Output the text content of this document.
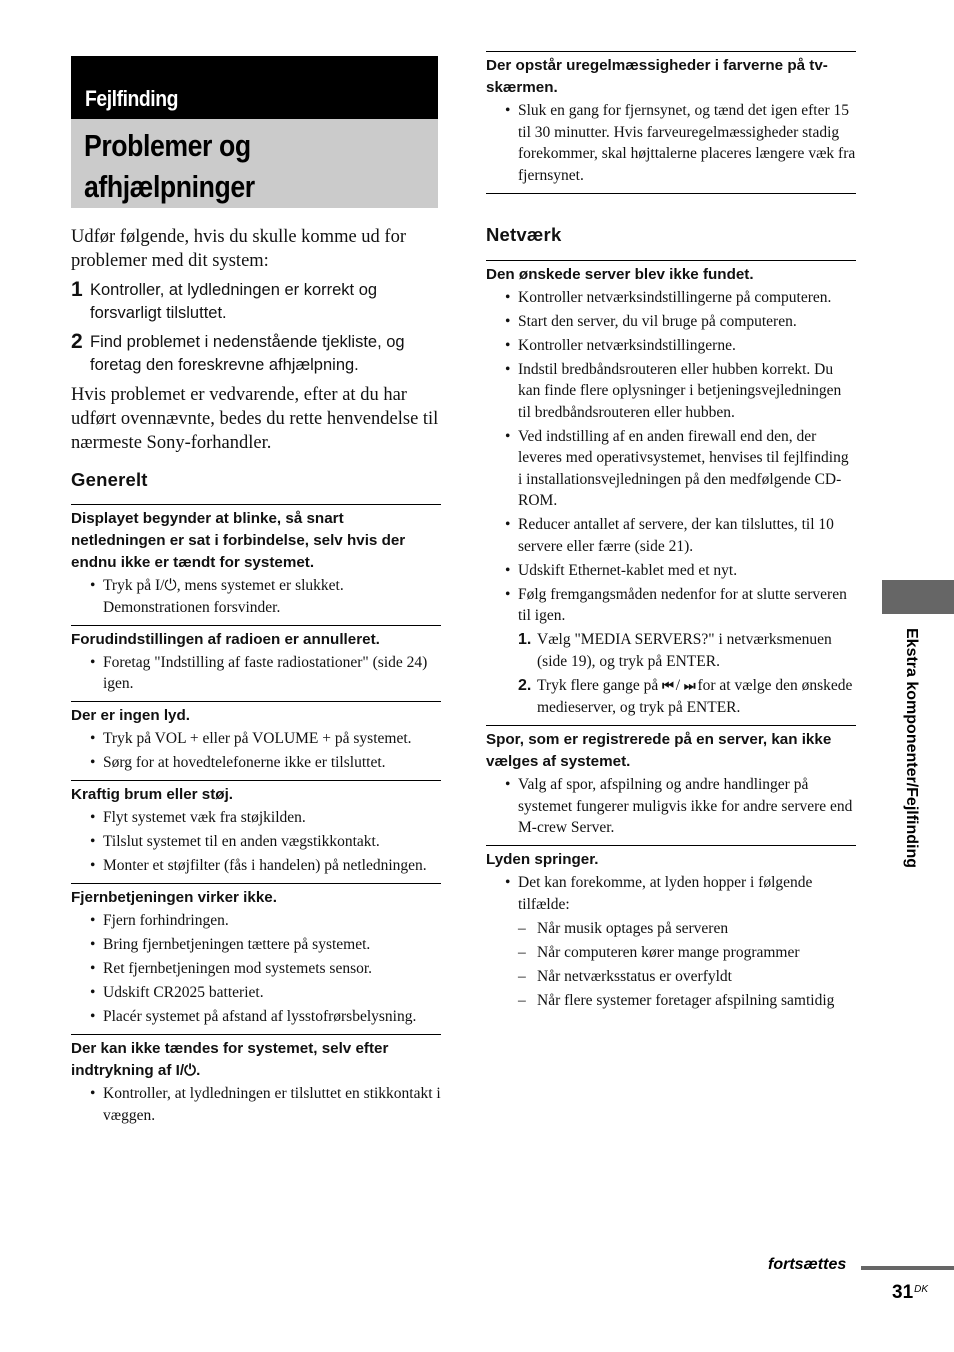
Fejlfinding
Problemer og
afhjælpninger

Udfør følgende, hvis du skulle komme ud for problemer med dit system:

1 Kontroller, at lydledningen er korrekt og forsvarligt tilsluttet.
2 Find problemet i nedenstående tjekliste, og foretag den foreskrevne afhjælpning.

Hvis problemet er vedvarende, efter at du har udført ovennævnte, bedes du rette henvendelse til nærmeste Sony-forhandler.

Generelt
Displayet begynder at blinke, så snart netledningen er sat i forbindelse, selv hvis der endnu ikke er tændt for systemet.
• Tryk på I/⏻, mens systemet er slukket. Demonstrationen forsvinder.
Forudindstillingen af radioen er annulleret.
• Foretag "Indstilling af faste radiostationer" (side 24) igen.
Der er ingen lyd.
• Tryk på VOL + eller på VOLUME + på systemet.
• Sørg for at hovedtelefonerne ikke er tilsluttet.
Kraftig brum eller støj.
• Flyt systemet væk fra støjkilden.
• Tilslut systemet til en anden vægstikkontakt.
• Monter et støjfilter (fås i handelen) på netledningen.
Fjernbetjeningen virker ikke.
• Fjern forhindringen.
• Bring fjernbetjeningen tættere på systemet.
• Ret fjernbetjeningen mod systemets sensor.
• Udskift CR2025 batteriet.
• Placér systemet på afstand af lysstofrørsbelysning.
Der kan ikke tændes for systemet, selv efter indtrykning af I/⏻.
• Kontroller, at lydledningen er tilsluttet en stikkontakt i væggen.
Der opstår uregelmæssigheder i farverne på tv-skærmen.
• Sluk en gang for fjernsynet, og tænd det igen efter 15 til 30 minutter. Hvis farveuregelmæssigheder stadig forekommer, skal højttalerne placeres længere væk fra fjernsynet.
Netværk
Den ønskede server blev ikke fundet.
• Kontroller netværksindstillingerne på computeren.
• Start den server, du vil bruge på computeren.
• Kontroller netværksindstillingerne.
• Indstil bredbåndsrouteren eller hubben korrekt. Du kan finde flere oplysninger i betjeningsvejledningen til bredbåndsrouteren eller hubben.
• Ved indstilling af en anden firewall end den, der leveres med operativsystemet, henvises til fejlfinding i installationsvejledningen på den medfølgende CD-ROM.
• Reducer antallet af servere, der kan tilsluttes, til 10 servere eller færre (side 21).
• Udskift Ethernet-kablet med et nyt.
• Følg fremgangsmåden nedenfor for at slutte serveren til igen.
1. Vælg "MEDIA SERVERS?" i netværksmenuen (side 19), og tryk på ENTER.
2. Tryk flere gange på ⏮ / ⏭ for at vælge den ønskede medieserver, og tryk på ENTER.
Spor, som er registrerede på en server, kan ikke vælges af systemet.
• Valg af spor, afspilning og andre handlinger på systemet fungerer muligvis ikke for andre servere end M-crew Server.
Lyden springer.
• Det kan forekomme, at lyden hopper i følgende tilfælde:
– Når musik optages på serveren
– Når computeren kører mange programmer
– Når netværksstatus er overfyldt
– Når flere systemer foretager afspilning samtidig
Ekstra komponenter/Fejlfinding
fortsættes
$31^{DK}$
